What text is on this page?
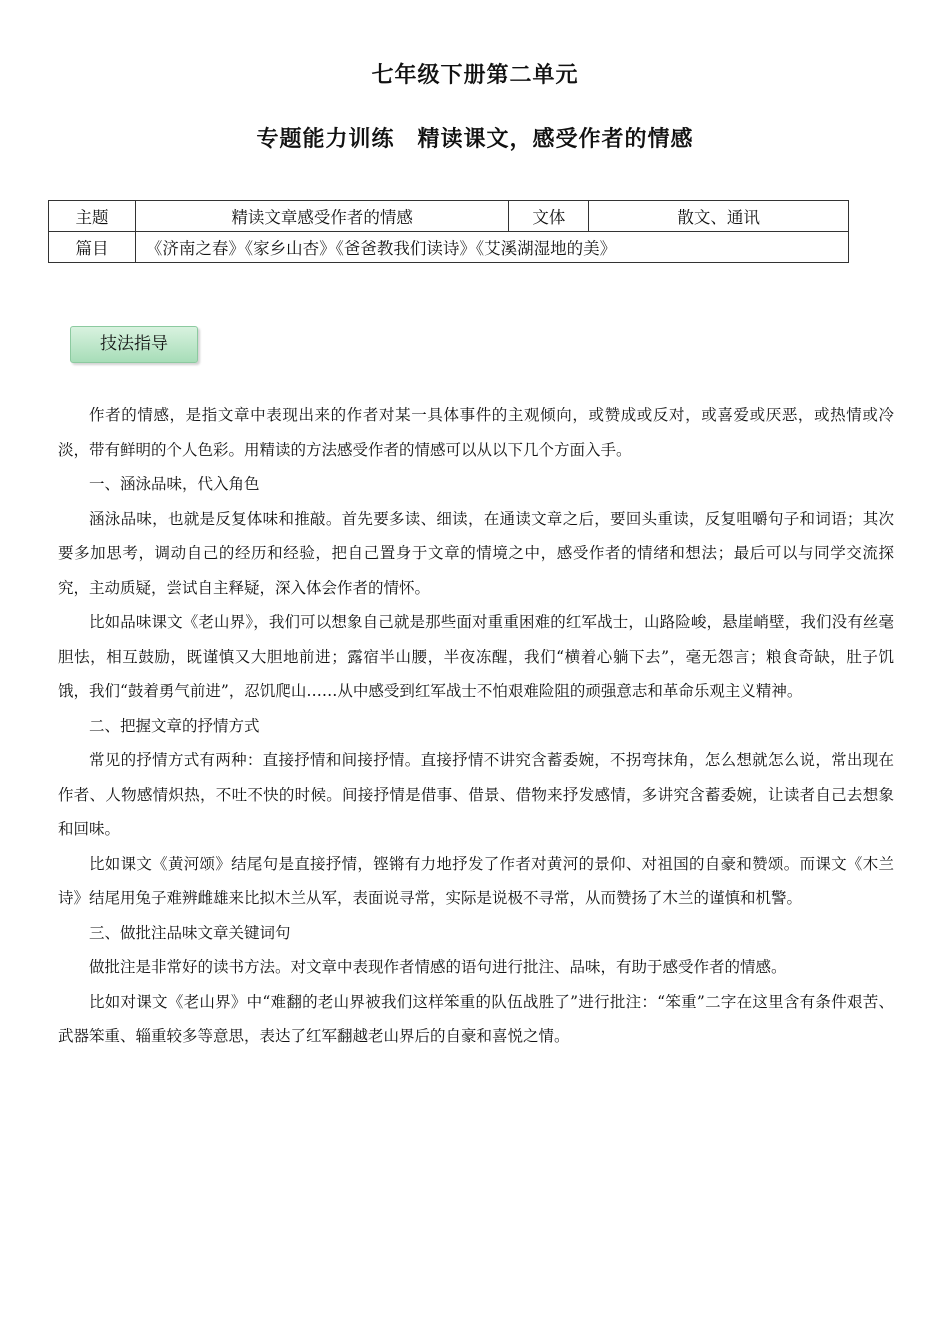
七年级下册第二单元
专题能力训练　精读课文，感受作者的情感
主题	精读文章感受作者的情感	文体	散文、通讯
篇目	《济南之春》《家乡山杏》《爸爸教我们读诗》《艾溪湖湿地的美》		
技法指导

作者的情感，是指文章中表现出来的作者对某一具体事件的主观倾向，或赞成或反对，或喜爱或厌恶，或热情或冷淡，带有鲜明的个人色彩。用精读的方法感受作者的情感可以从以下几个方面入手。

一、涵泳品味，代入角色

涵泳品味，也就是反复体味和推敲。首先要多读、细读，在通读文章之后，要回头重读，反复咀嚼句子和词语；其次要多加思考，调动自己的经历和经验，把自己置身于文章的情境之中，感受作者的情绪和想法；最后可以与同学交流探究，主动质疑，尝试自主释疑，深入体会作者的情怀。

比如品味课文《老山界》，我们可以想象自己就是那些面对重重困难的红军战士，山路险峻，悬崖峭壁，我们没有丝毫胆怯，相互鼓励，既谨慎又大胆地前进；露宿半山腰，半夜冻醒，我们“横着心躺下去”，毫无怨言；粮食奇缺，肚子饥饿，我们“鼓着勇气前进”，忍饥爬山……从中感受到红军战士不怕艰难险阻的顽强意志和革命乐观主义精神。

二、把握文章的抒情方式

常见的抒情方式有两种：直接抒情和间接抒情。直接抒情不讲究含蓄委婉，不拐弯抹角，怎么想就怎么说，常出现在作者、人物感情炽热，不吐不快的时候。间接抒情是借事、借景、借物来抒发感情，多讲究含蓄委婉，让读者自己去想象和回味。

比如课文《黄河颂》结尾句是直接抒情，铿锵有力地抒发了作者对黄河的景仰、对祖国的自豪和赞颂。而课文《木兰诗》结尾用兔子难辨雌雄来比拟木兰从军，表面说寻常，实际是说极不寻常，从而赞扬了木兰的谨慎和机警。

三、做批注品味文章关键词句

做批注是非常好的读书方法。对文章中表现作者情感的语句进行批注、品味，有助于感受作者的情感。

比如对课文《老山界》中“难翻的老山界被我们这样笨重的队伍战胜了”进行批注：“笨重”二字在这里含有条件艰苦、武器笨重、辎重较多等意思，表达了红军翻越老山界后的自豪和喜悦之情。
